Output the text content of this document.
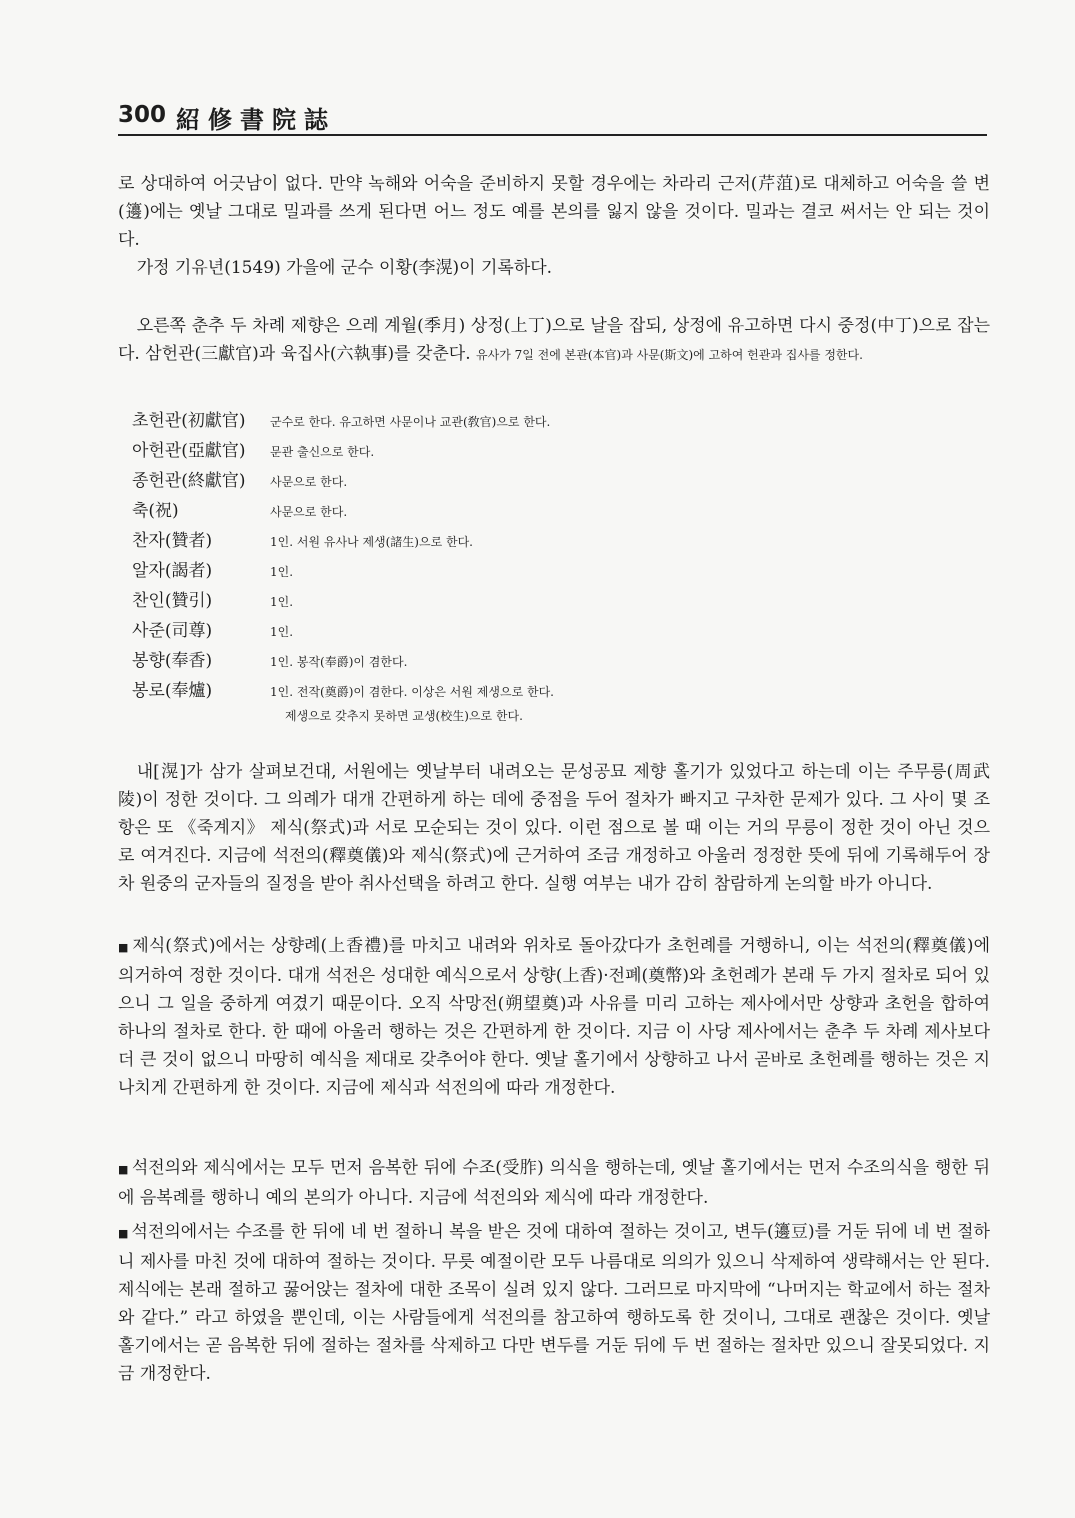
300 紹修書院誌

로 상대하여 어긋남이 없다. 만약 녹해와 어숙을 준비하지 못할 경우에는 차라리 근저(芹菹)로 대체하고 어숙을 쓸 변(籩)에는 옛날 그대로 밀과를 쓰게 된다면 어느 정도 예를 본의를 잃지 않을 것이다. 밀과는 결코 써서는 안 되는 것이다.

가정 기유년(1549) 가을에 군수 이황(李滉)이 기록하다.

오른쪽 춘추 두 차례 제향은 으레 계월(季月) 상정(上丁)으로 날을 잡되, 상정에 유고하면 다시 중정(中丁)으로 잡는다. 삼헌관(三獻官)과 육집사(六執事)를 갖춘다. 유사가 7일 전에 본관(本官)과 사문(斯文)에 고하여 헌관과 집사를 정한다.

초헌관(初獻官)	군수로 한다. 유고하면 사문이나 교관(敎官)으로 한다.
아헌관(亞獻官)	문관 출신으로 한다.
종헌관(終獻官)	사문으로 한다.
축(祝)	사문으로 한다.
찬자(贊者)	1인. 서원 유사나 제생(諸生)으로 한다.
알자(謁者)	1인.
찬인(贊引)	1인.
사준(司尊)	1인.
봉향(奉香)	1인. 봉작(奉爵)이 겸한다.
봉로(奉爐)	1인. 전작(奠爵)이 겸한다. 이상은 서원 제생으로 한다.
제생으로 갖추지 못하면 교생(校生)으로 한다.

내[滉]가 삼가 살펴보건대, 서원에는 옛날부터 내려오는 문성공묘 제향 홀기가 있었다고 하는데 이는 주무릉(周武陵)이 정한 것이다. 그 의례가 대개 간편하게 하는 데에 중점을 두어 절차가 빠지고 구차한 문제가 있다. 그 사이 몇 조항은 또 《죽계지》 제식(祭式)과 서로 모순되는 것이 있다. 이런 점으로 볼 때 이는 거의 무릉이 정한 것이 아닌 것으로 여겨진다. 지금에 석전의(釋奠儀)와 제식(祭式)에 근거하여 조금 개정하고 아울러 정정한 뜻에 뒤에 기록해두어 장차 원중의 군자들의 질정을 받아 취사선택을 하려고 한다. 실행 여부는 내가 감히 참람하게 논의할 바가 아니다.

■ 제식(祭式)에서는 상향례(上香禮)를 마치고 내려와 위차로 돌아갔다가 초헌례를 거행하니, 이는 석전의(釋奠儀)에 의거하여 정한 것이다. 대개 석전은 성대한 예식으로서 상향(上香)·전폐(奠幣)와 초헌례가 본래 두 가지 절차로 되어 있으니 그 일을 중하게 여겼기 때문이다. 오직 삭망전(朔望奠)과 사유를 미리 고하는 제사에서만 상향과 초헌을 합하여 하나의 절차로 한다. 한 때에 아울러 행하는 것은 간편하게 한 것이다. 지금 이 사당 제사에서는 춘추 두 차례 제사보다 더 큰 것이 없으니 마땅히 예식을 제대로 갖추어야 한다. 옛날 홀기에서 상향하고 나서 곧바로 초헌례를 행하는 것은 지나치게 간편하게 한 것이다. 지금에 제식과 석전의에 따라 개정한다.

■ 석전의와 제식에서는 모두 먼저 음복한 뒤에 수조(受胙) 의식을 행하는데, 옛날 홀기에서는 먼저 수조의식을 행한 뒤에 음복례를 행하니 예의 본의가 아니다. 지금에 석전의와 제식에 따라 개정한다.

■ 석전의에서는 수조를 한 뒤에 네 번 절하니 복을 받은 것에 대하여 절하는 것이고, 변두(籩豆)를 거둔 뒤에 네 번 절하니 제사를 마친 것에 대하여 절하는 것이다. 무릇 예절이란 모두 나름대로 의의가 있으니 삭제하여 생략해서는 안 된다. 제식에는 본래 절하고 꿇어앉는 절차에 대한 조목이 실려 있지 않다. 그러므로 마지막에 “나머지는 학교에서 하는 절차와 같다.” 라고 하였을 뿐인데, 이는 사람들에게 석전의를 참고하여 행하도록 한 것이니, 그대로 괜찮은 것이다. 옛날 홀기에서는 곧 음복한 뒤에 절하는 절차를 삭제하고 다만 변두를 거둔 뒤에 두 번 절하는 절차만 있으니 잘못되었다. 지금 개정한다.
